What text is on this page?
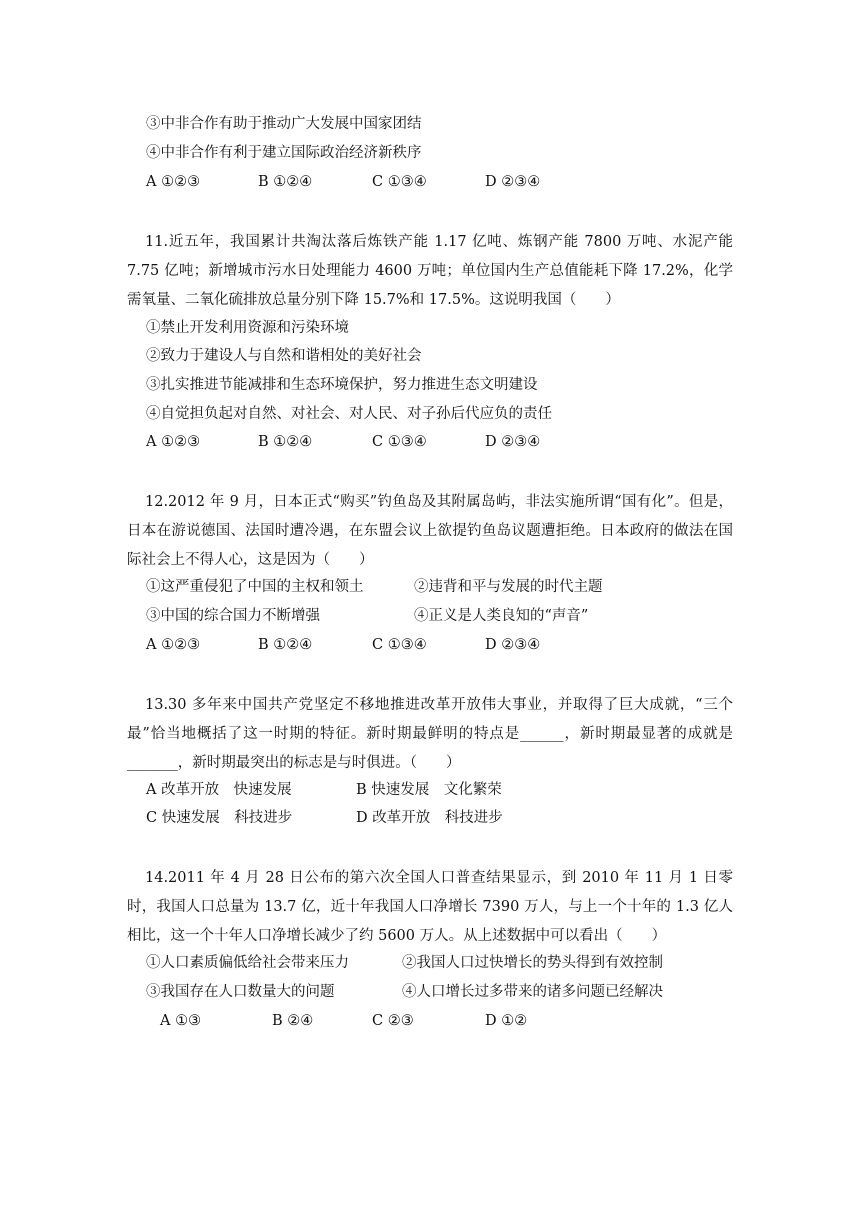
③中非合作有助于推动广大发展中国家团结
④中非合作有利于建立国际政治经济新秩序
A ①②③	B ①②④	C ①③④	D ②③④
11.近五年，我国累计共淘汰落后炼铁产能 1.17 亿吨、炼钢产能 7800 万吨、水泥产能 7.75 亿吨；新增城市污水日处理能力 4600 万吨；单位国内生产总值能耗下降 17.2%，化学需氧量、二氧化硫排放总量分别下降 15.7%和 17.5%。这说明我国（　　）
①禁止开发利用资源和污染环境
②致力于建设人与自然和谐相处的美好社会
③扎实推进节能减排和生态环境保护，努力推进生态文明建设
④自觉担负起对自然、对社会、对人民、对子孙后代应负的责任
A ①②③	B ①②④	C ①③④	D ②③④
12.2012 年 9 月，日本正式“购买”钓鱼岛及其附属岛屿，非法实施所谓“国有化”。但是，日本在游说德国、法国时遭冷遇，在东盟会议上欲提钓鱼岛议题遭拒绝。日本政府的做法在国际社会上不得人心，这是因为（　　）
①这严重侵犯了中国的主权和领土	②违背和平与发展的时代主题
③中国的综合国力不断增强	④正义是人类良知的“声音”
A ①②③	B ①②④	C ①③④	D ②③④
13.30 多年来中国共产党坚定不移地推进改革开放伟大事业，并取得了巨大成就，“三个最”恰当地概括了这一时期的特征。新时期最鲜明的特点是______，新时期最显著的成就是_______，新时期最突出的标志是与时俱进。（　　）
A 改革开放　快速发展	B 快速发展　文化繁荣
C 快速发展　科技进步	D 改革开放　科技进步
14.2011 年 4 月 28 日公布的第六次全国人口普查结果显示，到 2010 年 11 月 1 日零时，我国人口总量为 13.7 亿，近十年我国人口净增长 7390 万人，与上一个十年的 1.3 亿人相比，这一个十年人口净增长减少了约 5600 万人。从上述数据中可以看出（　　）
①人口素质偏低给社会带来压力	②我国人口过快增长的势头得到有效控制
③我国存在人口数量大的问题	④人口增长过多带来的诸多问题已经解决
A ①③	B ②④	C ②③	D ①②
